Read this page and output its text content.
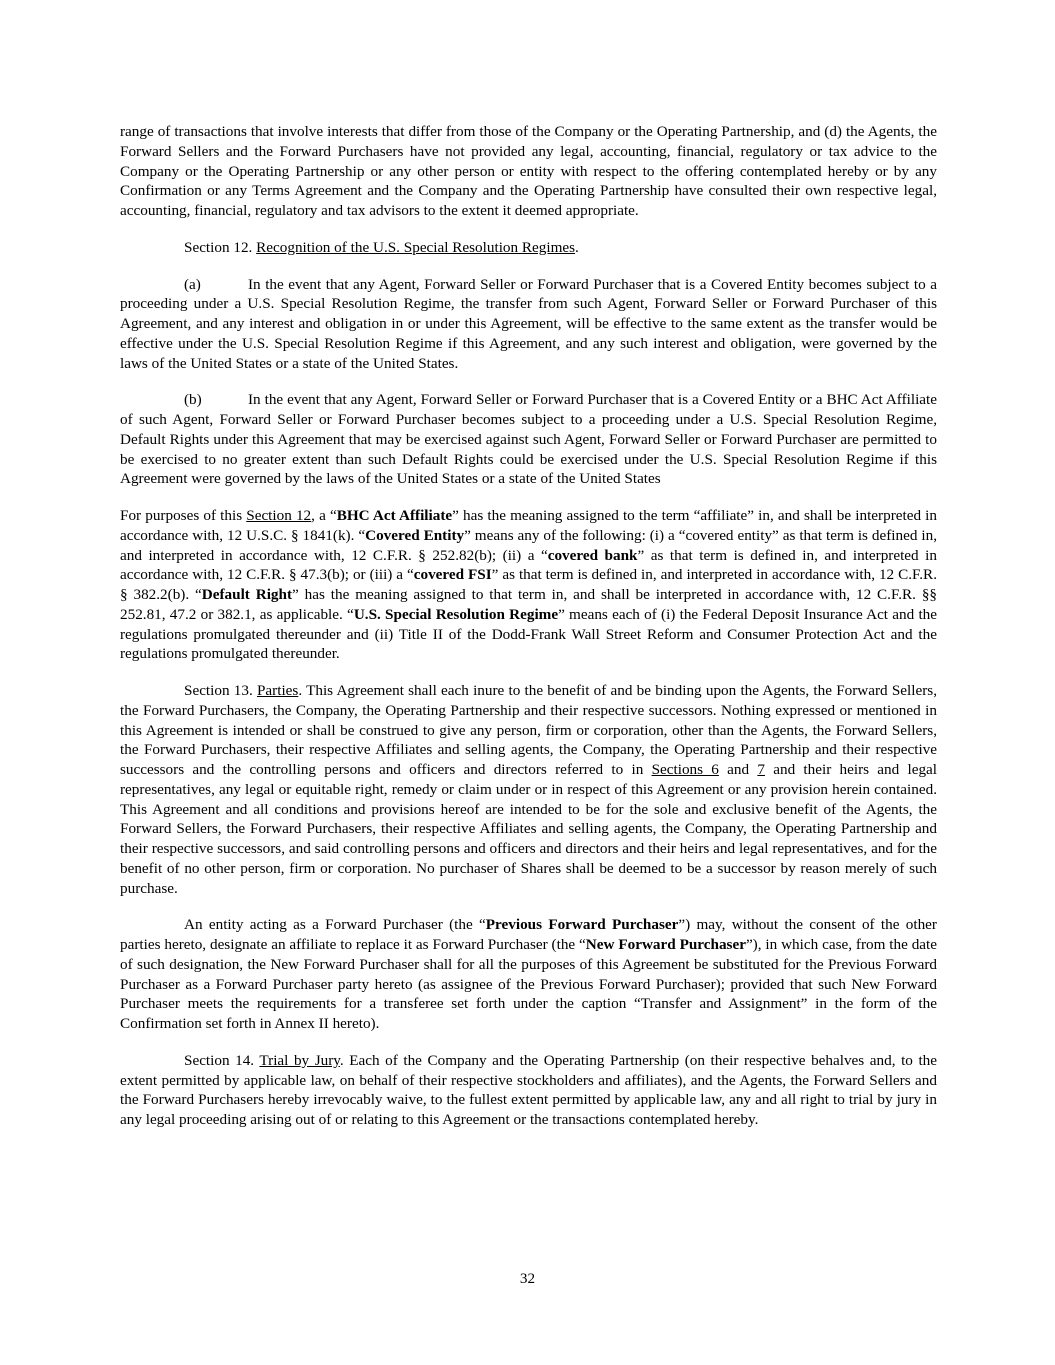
range of transactions that involve interests that differ from those of the Company or the Operating Partnership, and (d) the Agents, the Forward Sellers and the Forward Purchasers have not provided any legal, accounting, financial, regulatory or tax advice to the Company or the Operating Partnership or any other person or entity with respect to the offering contemplated hereby or by any Confirmation or any Terms Agreement and the Company and the Operating Partnership have consulted their own respective legal, accounting, financial, regulatory and tax advisors to the extent it deemed appropriate.

Section 12. Recognition of the U.S. Special Resolution Regimes.

(a)	In the event that any Agent, Forward Seller or Forward Purchaser that is a Covered Entity becomes subject to a proceeding under a U.S. Special Resolution Regime, the transfer from such Agent, Forward Seller or Forward Purchaser of this Agreement, and any interest and obligation in or under this Agreement, will be effective to the same extent as the transfer would be effective under the U.S. Special Resolution Regime if this Agreement, and any such interest and obligation, were governed by the laws of the United States or a state of the United States.

(b)	In the event that any Agent, Forward Seller or Forward Purchaser that is a Covered Entity or a BHC Act Affiliate of such Agent, Forward Seller or Forward Purchaser becomes subject to a proceeding under a U.S. Special Resolution Regime, Default Rights under this Agreement that may be exercised against such Agent, Forward Seller or Forward Purchaser are permitted to be exercised to no greater extent than such Default Rights could be exercised under the U.S. Special Resolution Regime if this Agreement were governed by the laws of the United States or a state of the United States

For purposes of this Section 12, a “BHC Act Affiliate” has the meaning assigned to the term “affiliate” in, and shall be interpreted in accordance with, 12 U.S.C. § 1841(k). “Covered Entity” means any of the following: (i) a “covered entity” as that term is defined in, and interpreted in accordance with, 12 C.F.R. § 252.82(b); (ii) a “covered bank” as that term is defined in, and interpreted in accordance with, 12 C.F.R. § 47.3(b); or (iii) a “covered FSI” as that term is defined in, and interpreted in accordance with, 12 C.F.R. § 382.2(b). “Default Right” has the meaning assigned to that term in, and shall be interpreted in accordance with, 12 C.F.R. §§ 252.81, 47.2 or 382.1, as applicable. “U.S. Special Resolution Regime” means each of (i) the Federal Deposit Insurance Act and the regulations promulgated thereunder and (ii) Title II of the Dodd-Frank Wall Street Reform and Consumer Protection Act and the regulations promulgated thereunder.

Section 13. Parties. This Agreement shall each inure to the benefit of and be binding upon the Agents, the Forward Sellers, the Forward Purchasers, the Company, the Operating Partnership and their respective successors. Nothing expressed or mentioned in this Agreement is intended or shall be construed to give any person, firm or corporation, other than the Agents, the Forward Sellers, the Forward Purchasers, their respective Affiliates and selling agents, the Company, the Operating Partnership and their respective successors and the controlling persons and officers and directors referred to in Sections 6 and 7 and their heirs and legal representatives, any legal or equitable right, remedy or claim under or in respect of this Agreement or any provision herein contained. This Agreement and all conditions and provisions hereof are intended to be for the sole and exclusive benefit of the Agents, the Forward Sellers, the Forward Purchasers, their respective Affiliates and selling agents, the Company, the Operating Partnership and their respective successors, and said controlling persons and officers and directors and their heirs and legal representatives, and for the benefit of no other person, firm or corporation. No purchaser of Shares shall be deemed to be a successor by reason merely of such purchase.

An entity acting as a Forward Purchaser (the “Previous Forward Purchaser”) may, without the consent of the other parties hereto, designate an affiliate to replace it as Forward Purchaser (the “New Forward Purchaser”), in which case, from the date of such designation, the New Forward Purchaser shall for all the purposes of this Agreement be substituted for the Previous Forward Purchaser as a Forward Purchaser party hereto (as assignee of the Previous Forward Purchaser); provided that such New Forward Purchaser meets the requirements for a transferee set forth under the caption “Transfer and Assignment” in the form of the Confirmation set forth in Annex II hereto).

Section 14. Trial by Jury. Each of the Company and the Operating Partnership (on their respective behalves and, to the extent permitted by applicable law, on behalf of their respective stockholders and affiliates), and the Agents, the Forward Sellers and the Forward Purchasers hereby irrevocably waive, to the fullest extent permitted by applicable law, any and all right to trial by jury in any legal proceeding arising out of or relating to this Agreement or the transactions contemplated hereby.

32
